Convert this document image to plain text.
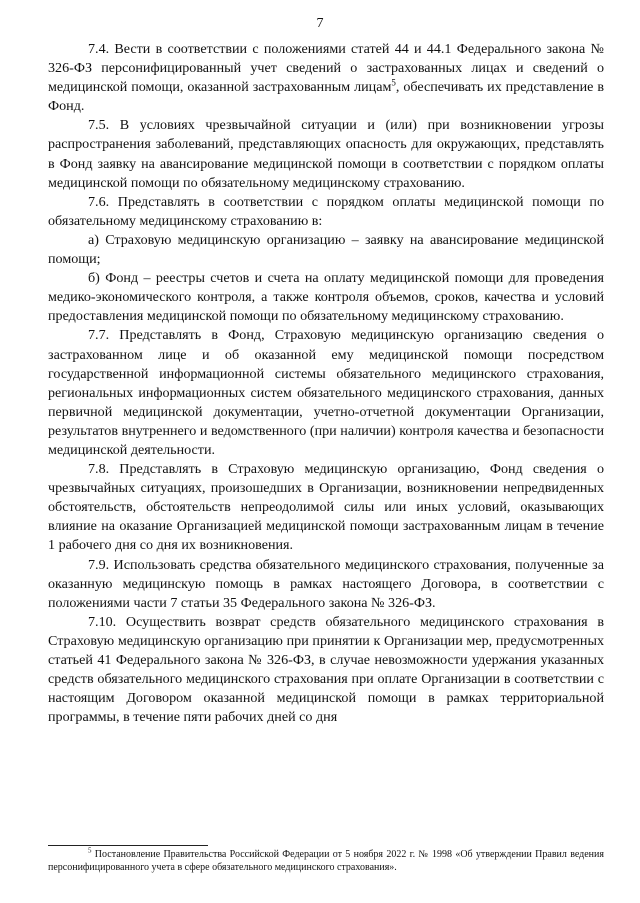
7

7.4. Вести в соответствии с положениями статей 44 и 44.1 Федерального закона № 326-ФЗ персонифицированный учет сведений о застрахованных лицах и сведений о медицинской помощи, оказанной застрахованным лицам$^5$, обеспечивать их представление в Фонд.

7.5. В условиях чрезвычайной ситуации и (или) при возникновении угрозы распространения заболеваний, представляющих опасность для окружающих, представлять в Фонд заявку на авансирование медицинской помощи в соответствии с порядком оплаты медицинской помощи по обязательному медицинскому страхованию.

7.6. Представлять в соответствии с порядком оплаты медицинской помощи по обязательному медицинскому страхованию в:

а) Страховую медицинскую организацию – заявку на авансирование медицинской помощи;

б) Фонд – реестры счетов и счета на оплату медицинской помощи для проведения медико-экономического контроля, а также контроля объемов, сроков, качества и условий предоставления медицинской помощи по обязательному медицинскому страхованию.

7.7. Представлять в Фонд, Страховую медицинскую организацию сведения о застрахованном лице и об оказанной ему медицинской помощи посредством государственной информационной системы обязательного медицинского страхования, региональных информационных систем обязательного медицинского страхования, данных первичной медицинской документации, учетно-отчетной документации Организации, результатов внутреннего и ведомственного (при наличии) контроля качества и безопасности медицинской деятельности.

7.8. Представлять в Страховую медицинскую организацию, Фонд сведения о чрезвычайных ситуациях, произошедших в Организации, возникновении непредвиденных обстоятельств, обстоятельств непреодолимой силы или иных условий, оказывающих влияние на оказание Организацией медицинской помощи застрахованным лицам в течение 1 рабочего дня со дня их возникновения.

7.9. Использовать средства обязательного медицинского страхования, полученные за оказанную медицинскую помощь в рамках настоящего Договора, в соответствии с положениями части 7 статьи 35 Федерального закона № 326-ФЗ.

7.10. Осуществить возврат средств обязательного медицинского страхования в Страховую медицинскую организацию при принятии к Организации мер, предусмотренных статьей 41 Федерального закона № 326-ФЗ, в случае невозможности удержания указанных средств обязательного медицинского страхования при оплате Организации в соответствии с настоящим Договором оказанной медицинской помощи в рамках территориальной программы, в течение пяти рабочих дней со дня

$^5$ Постановление Правительства Российской Федерации от 5 ноября 2022 г. № 1998 «Об утверждении Правил ведения персонифицированного учета в сфере обязательного медицинского страхования».
